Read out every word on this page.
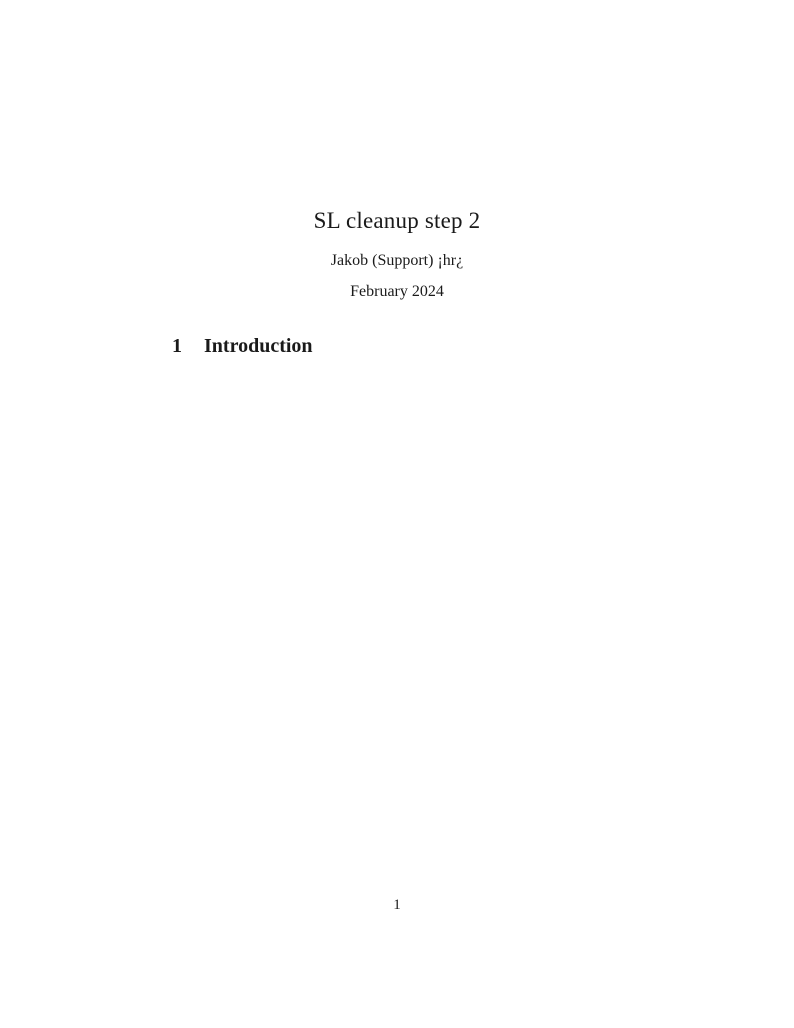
SL cleanup step 2
Jakob (Support) ¡hr¿
February 2024
1 Introduction
1
